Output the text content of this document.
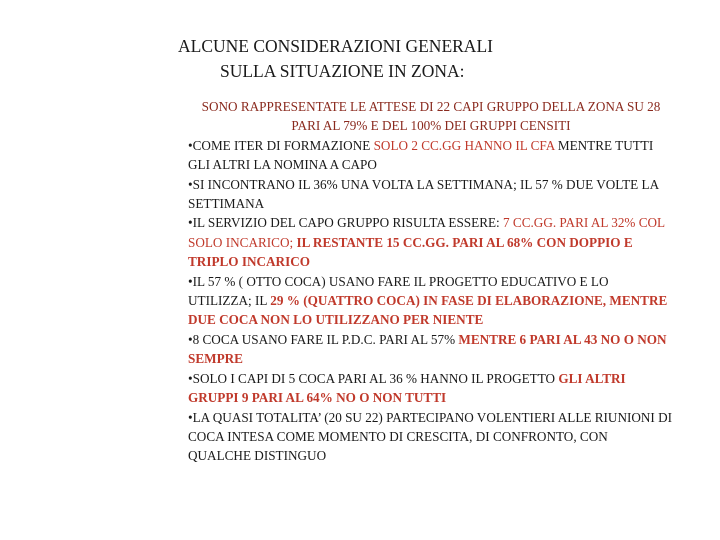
ALCUNE CONSIDERAZIONI GENERALI
SULLA SITUAZIONE IN ZONA:

SONO RAPPRESENTATE LE ATTESE DI 22 CAPI GRUPPO DELLA ZONA SU 28 PARI AL 79% E DEL 100% DEI GRUPPI CENSITI

•COME ITER DI FORMAZIONE SOLO 2 CC.GG HANNO IL CFA MENTRE TUTTI GLI ALTRI LA NOMINA A CAPO

•SI INCONTRANO IL 36% UNA VOLTA LA SETTIMANA; IL 57 % DUE VOLTE LA SETTIMANA

•IL SERVIZIO DEL CAPO GRUPPO RISULTA ESSERE: 7 CC.GG. PARI AL 32% COL SOLO INCARICO; IL RESTANTE 15 CC.GG. PARI AL 68% CON DOPPIO E TRIPLO INCARICO

•IL 57 % ( OTTO COCA) USANO FARE IL PROGETTO EDUCATIVO E LO UTILIZZA; IL 29 % (QUATTRO COCA) IN FASE DI ELABORAZIONE, MENTRE DUE COCA NON LO UTILIZZANO PER NIENTE

•8 COCA USANO FARE IL P.D.C. PARI AL 57% MENTRE 6 PARI AL 43 NO O NON SEMPRE

•SOLO I CAPI DI 5 COCA PARI AL 36 % HANNO IL PROGETTO GLI ALTRI GRUPPI 9 PARI AL 64% NO O NON TUTTI

•LA QUASI TOTALITA’ (20 SU 22) PARTECIPANO VOLENTIERI ALLE RIUNIONI DI COCA INTESA COME MOMENTO DI CRESCITA, DI CONFRONTO, CON QUALCHE DISTINGUO
